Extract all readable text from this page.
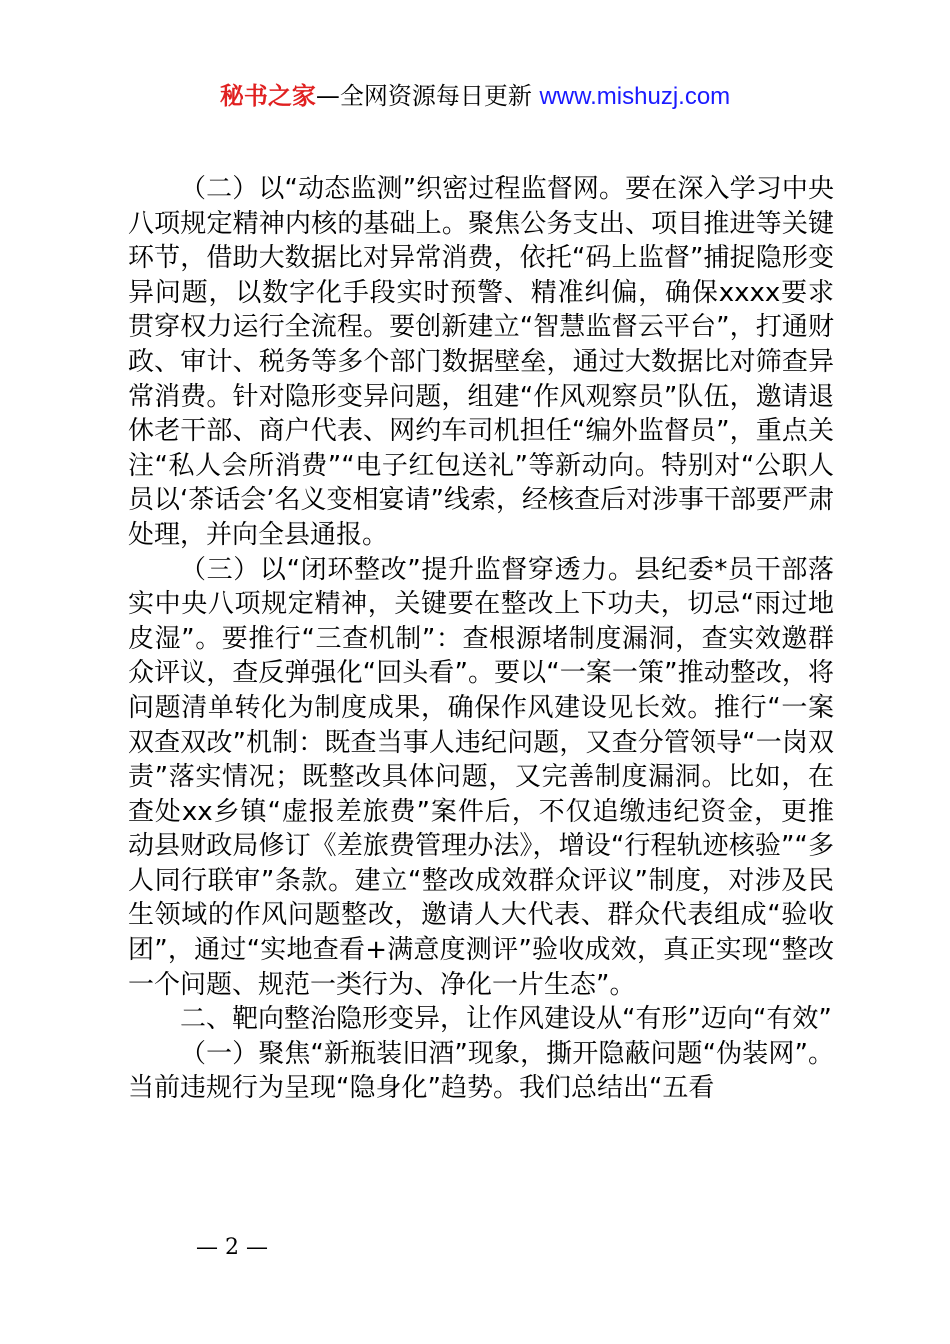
秘书之家—全网资源每日更新 www.mishuzj.com

（二）以“动态监测”织密过程监督网。要在深入学习中央八项规定精神内核的基础上。聚焦公务支出、项目推进等关键环节，借助大数据比对异常消费，依托“码上监督”捕捉隐形变异问题，以数字化手段实时预警、精准纠偏，确保xxxx要求贯穿权力运行全流程。要创新建立“智慧监督云平台”，打通财政、审计、税务等多个部门数据壁垒，通过大数据比对筛查异常消费。针对隐形变异问题，组建“作风观察员”队伍，邀请退休老干部、商户代表、网约车司机担任“编外监督员”，重点关注“私人会所消费”“电子红包送礼”等新动向。特别对“公职人员以‘茶话会’名义变相宴请”线索，经核查后对涉事干部要严肃处理，并向全县通报。

（三）以“闭环整改”提升监督穿透力。县纪委*员干部落实中央八项规定精神，关键要在整改上下功夫，切忌“雨过地皮湿”。要推行“三查机制”：查根源堵制度漏洞，查实效邀群众评议，查反弹强化“回头看”。要以“一案一策”推动整改，将问题清单转化为制度成果，确保作风建设见长效。推行“一案双查双改”机制：既查当事人违纪问题，又查分管领导“一岗双责”落实情况；既整改具体问题，又完善制度漏洞。比如，在查处xx乡镇“虚报差旅费”案件后，不仅追缴违纪资金，更推动县财政局修订《差旅费管理办法》，增设“行程轨迹核验”“多人同行联审”条款。建立“整改成效群众评议”制度，对涉及民生领域的作风问题整改，邀请人大代表、群众代表组成“验收团”，通过“实地查看+满意度测评”验收成效，真正实现“整改一个问题、规范一类行为、净化一片生态”。

二、靶向整治隐形变异，让作风建设从“有形”迈向“有效”

（一）聚焦“新瓶装旧酒”现象，撕开隐蔽问题“伪装网”。当前违规行为呈现“隐身化”趋势。我们总结出“五看

— 2 —
